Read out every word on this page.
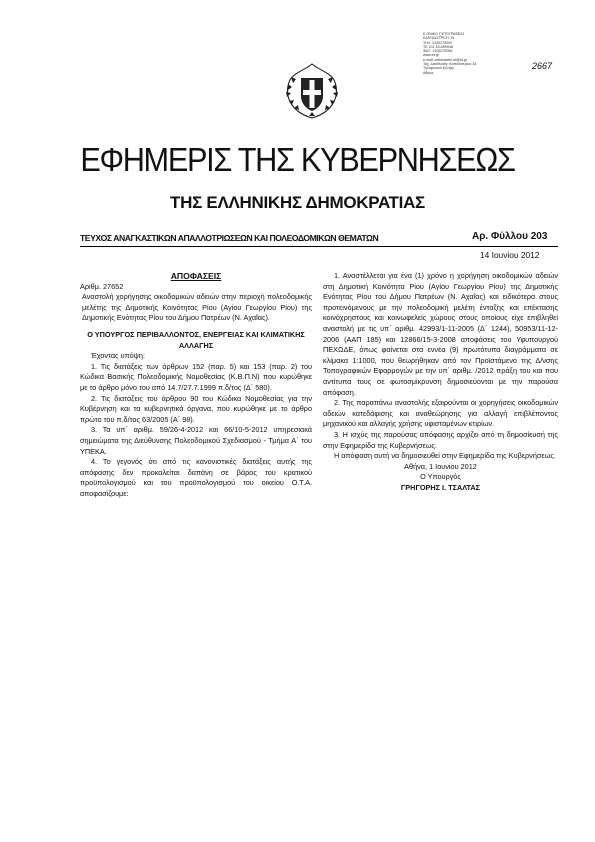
Ε ΘΝΙΚΟ ΤΥΠΟΓΡΑΦΕΙΟ
ΚΑΠΟΔΙΣΤΡΙΟΥ 34
ΤΗΛ. 2105279000
ΤΚ 101 63 ΑΘΗΝΑ
ΦΑΞ. 2105279054
www.et.gr
e-mail: webmaster.et@et.gr
Ταχ. Διεύθυνση: Καποδιστρίου 34
Τηλεφωνικό Κέντρο
Αθήνα
2667
ΕΦΗΜΕΡΙΣ ΤΗΣ ΚΥΒΕΡΝΗΣΕΩΣ
ΤΗΣ ΕΛΛΗΝΙΚΗΣ ΔΗΜΟΚΡΑΤΙΑΣ
ΤΕΥΧΟΣ ΑΝΑΓΚΑΣΤΙΚΩΝ ΑΠΑΛΛΟΤΡΙΩΣΕΩΝ ΚΑΙ ΠΟΛΕΟΔΟΜΙΚΩΝ ΘΕΜΑΤΩΝ	Αρ. Φύλλου 203
14 Ιουνίου 2012

ΑΠΟΦΑΣΕΙΣ

Αριθμ. 27652

Αναστολή χορήγησης οικοδομικών αδειών στην περιοχή πολεοδομικής μελέτης της Δημοτικής Κοινότητας Ρίου (Αγίου Γεωργίου Ρίου) της Δημοτικής Ενότητας Ρίου του Δήμου Πατρέων (Ν. Αχαΐας).

Ο ΥΠΟΥΡΓΟΣ ΠΕΡΙΒΑΛΛΟΝΤΟΣ, ΕΝΕΡΓΕΙΑΣ ΚΑΙ ΚΛΙΜΑΤΙΚΗΣ ΑΛΛΑΓΗΣ

Έχοντας υπόψη:

1. Τις διατάξεις των άρθρων 152 (παρ. 5) και 153 (παρ. 2) του Κώδικα Βασικής Πολεοδομικής Νομοθεσίας (Κ.Β.Π.Ν) που κυρώθηκε με το άρθρο μόνο του από 14.7/27.7.1999 π.δ/τος (Δ΄ 580).

2. Τις διατάξεις του άρθρου 90 του Κώδικα Νομοθεσίας για την Κυβέρνηση και τα κυβερνητικά όργανα, που κυρώθηκε με το άρθρο πρώτο του π.δ/τος 63/2005 (Α΄ 98).

3. Τα υπ΄ αριθμ. 59/26-4-2012 και 66/10-5-2012 υπηρεσιακά σημειώματα της Διεύθυνσης Πολεοδομικού Σχεδιασμού - Τμήμα Α΄ του ΥΠΕΚΑ.

4. Το γεγονός ότι από τις κανονιστικές διατάξεις αυτής της απόφασης δεν προκαλείται δαπάνη σε βάρος του κρατικού προϋπολογισμού και του προϋπολογισμού του οικείου Ο.Τ.Α. αποφασίζουμε:

1. Αναστέλλεται για ένα (1) χρόνο η χορήγηση οικοδομικών αδειών στη Δημοτική Κοινότητα Ρίου (Αγίου Γεωργίου Ρίου) της Δημοτικής Ενότητας Ρίου του Δήμου Πατρέων (Ν. Αχαΐας) και ειδικότερα στους προτεινόμενους με την πολεοδομική μελέτη ένταξης και επέκτασης κοινόχρηστους και κοινωφελείς χώρους στους οποίους είχε επιβληθεί αναστολή με τις υπ΄ αριθμ. 42993/1-11-2005 (Δ΄ 1244), 50953/11-12-2006 (ΑΑΠ 185) και 12866/15-3-2008 αποφάσεις του Υφυπουργού ΠΕΧΩΔΕ, όπως φαίνεται στα εννέα (9) πρωτότυπα διαγράμματα σε κλίμακα 1:1000, που θεωρήθηκαν από τον Προϊστάμενο της Δ/νσης Τοπογραφικών Εφαρμογών με την υπ΄ αριθμ. /2012 πράξη του και που αντίτυπα τους σε φωτοσμίκρυνση δημοσιεύονται με την παρούσα απόφαση.

2. Της παραπάνω αναστολής εξαιρούνται οι χορηγήσεις οικοδομικών αδειών κατεδάφισης και αναθεώρησης για αλλαγή επιβλέποντος μηχανικού και αλλαγής χρήσης υφισταμένων κτιρίων.

3. Η ισχύς της παρούσας απόφασης αρχίζει από τη δημοσίευσή της στην Εφημερίδα της Κυβερνήσεως.

Η απόφαση αυτή να δημοσιευθεί στην Εφημερίδα της Κυβερνήσεως.

Αθήνα, 1 Ιουνίου 2012

Ο Υπουργός

ΓΡΗΓΟΡΗΣ Ι. ΤΣΑΛΤΑΣ
